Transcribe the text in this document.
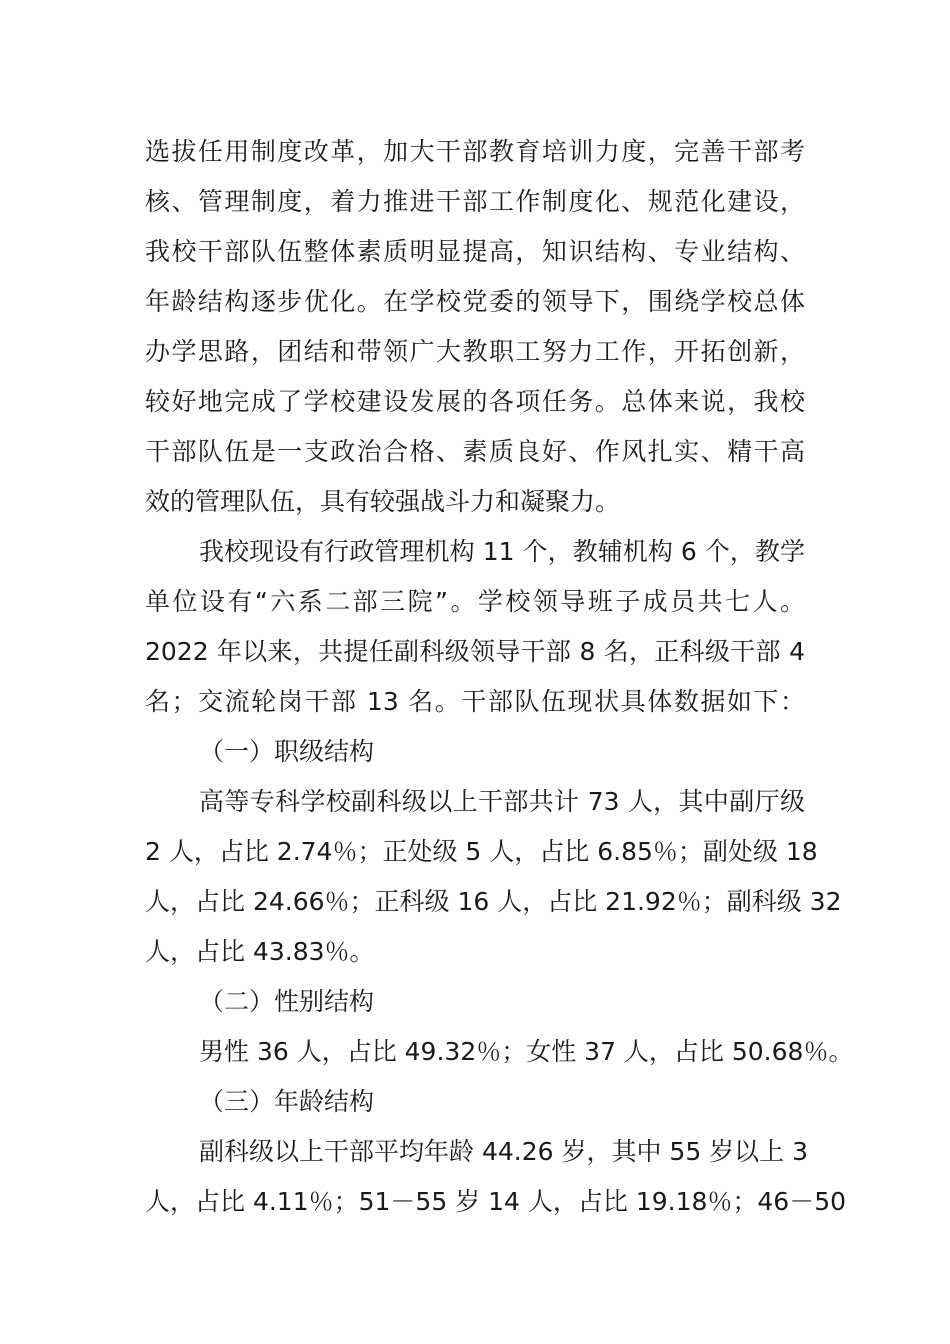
选拔任用制度改革，加大干部教育培训力度，完善干部考
核、管理制度，着力推进干部工作制度化、规范化建设，
我校干部队伍整体素质明显提高，知识结构、专业结构、
年龄结构逐步优化。在学校党委的领导下，围绕学校总体
办学思路，团结和带领广大教职工努力工作，开拓创新，
较好地完成了学校建设发展的各项任务。总体来说，我校
干部队伍是一支政治合格、素质良好、作风扎实、精干高
效的管理队伍，具有较强战斗力和凝聚力。
我校现设有行政管理机构 11 个，教辅机构 6 个，教学
单位设有“六系二部三院”。学校领导班子成员共七人。
2022 年以来，共提任副科级领导干部 8 名，正科级干部 4
名；交流轮岗干部 13 名。干部队伍现状具体数据如下：
（一）职级结构
高等专科学校副科级以上干部共计 73 人，其中副厅级
2 人，占比 2.74％；正处级 5 人，占比 6.85％；副处级 18
人，占比 24.66％；正科级 16 人，占比 21.92％；副科级 32
人，占比 43.83％。
（二）性别结构
男性 36 人，占比 49.32％；女性 37 人，占比 50.68％。
（三）年龄结构
副科级以上干部平均年龄 44.26 岁，其中 55 岁以上 3
人，占比 4.11％；51－55 岁 14 人，占比 19.18％；46－50
